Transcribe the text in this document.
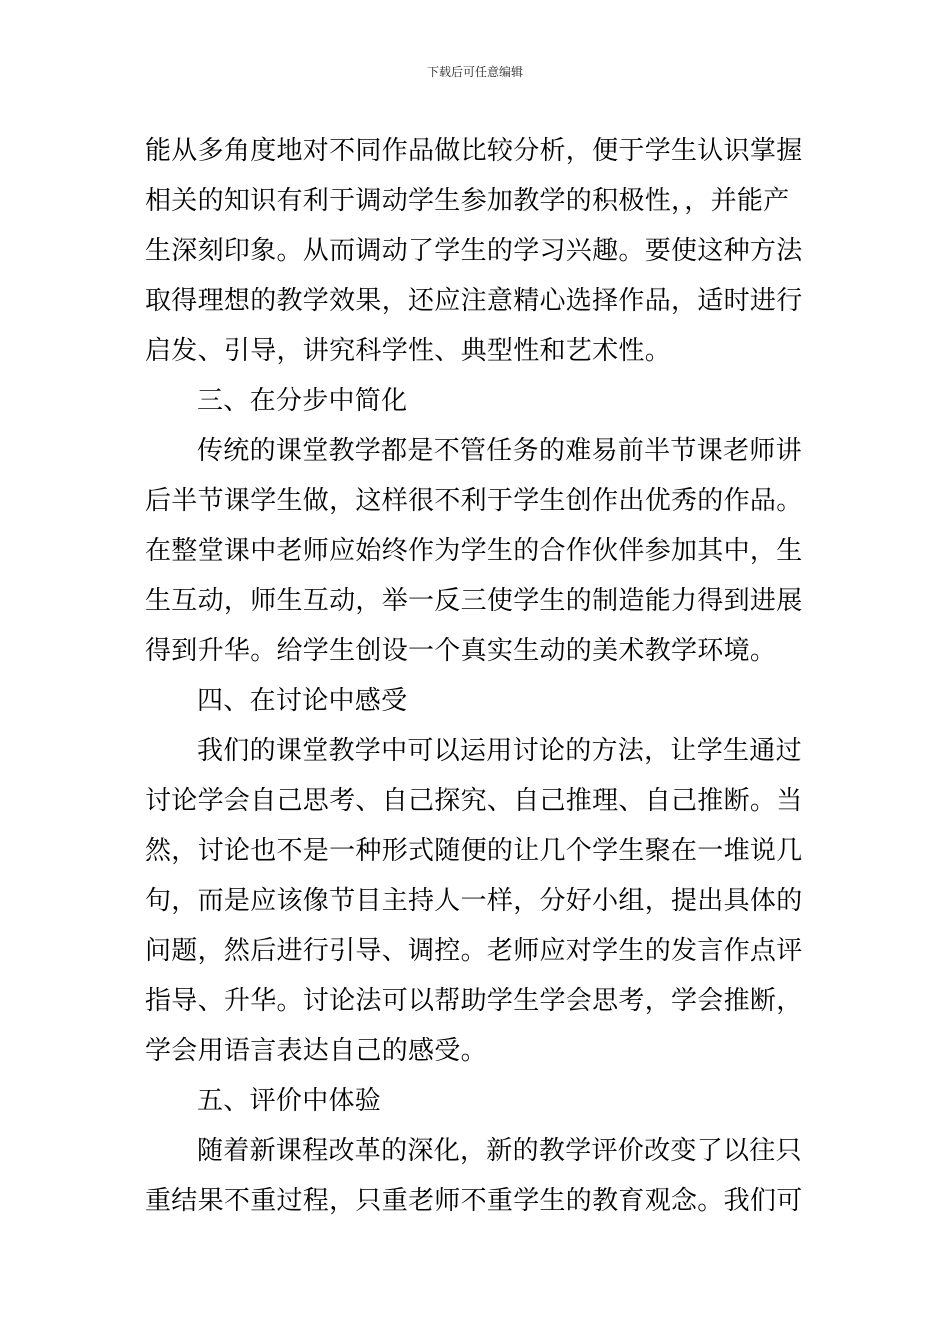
下载后可任意编辑
能从多角度地对不同作品做比较分析，便于学生认识掌握
相关的知识有利于调动学生参加教学的积极性，，并能产
生深刻印象。从而调动了学生的学习兴趣。要使这种方法
取得理想的教学效果，还应注意精心选择作品，适时进行
启发、引导，讲究科学性、典型性和艺术性。
三、在分步中简化
传统的课堂教学都是不管任务的难易前半节课老师讲
后半节课学生做，这样很不利于学生创作出优秀的作品。
在整堂课中老师应始终作为学生的合作伙伴参加其中，生
生互动，师生互动，举一反三使学生的制造能力得到进展
得到升华。给学生创设一个真实生动的美术教学环境。
四、在讨论中感受
我们的课堂教学中可以运用讨论的方法，让学生通过
讨论学会自己思考、自己探究、自己推理、自己推断。当
然，讨论也不是一种形式随便的让几个学生聚在一堆说几
句，而是应该像节目主持人一样，分好小组，提出具体的
问题，然后进行引导、调控。老师应对学生的发言作点评
指导、升华。讨论法可以帮助学生学会思考，学会推断，
学会用语言表达自己的感受。
五、评价中体验
随着新课程改革的深化，新的教学评价改变了以往只
重结果不重过程，只重老师不重学生的教育观念。我们可
